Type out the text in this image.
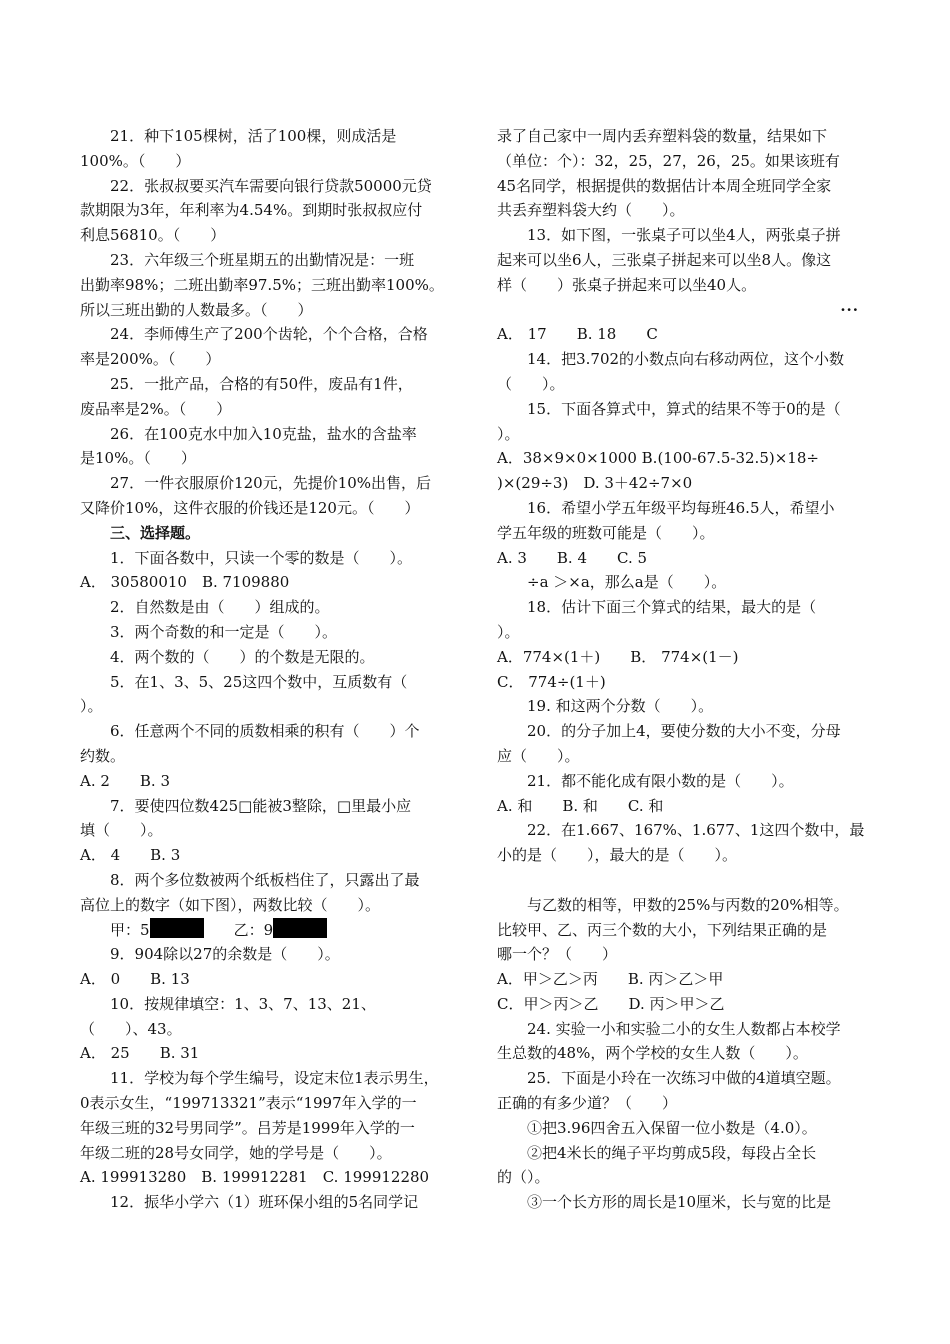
21．种下105棵树，活了100棵，则成活是
100%。（　　）
22．张叔叔要买汽车需要向银行贷款50000元贷
款期限为3年，年利率为4.54%。到期时张叔叔应付
利息56810。（　　）
23．六年级三个班星期五的出勤情况是：一班
出勤率98%；二班出勤率97.5%；三班出勤率100%。
所以三班出勤的人数最多。（　　）
24．李师傅生产了200个齿轮，个个合格，合格
率是200%。（　　）
25．一批产品，合格的有50件，废品有1件，
废品率是2%。（　　）
26．在100克水中加入10克盐，盐水的含盐率
是10%。（　　）
27．一件衣服原价120元，先提价10%出售，后
又降价10%，这件衣服的价钱还是120元。（　　）
三、选择题。
1．下面各数中，只读一个零的数是（　　）。
A． 30580010　B. 7109880
2．自然数是由（　　）组成的。
3．两个奇数的和一定是（　　）。
4．两个数的（　　）的个数是无限的。
5．在1、3、5、25这四个数中，互质数有（
）。
6．任意两个不同的质数相乘的积有（　　）个
约数。
A. 2　　B. 3
7．要使四位数425□能被3整除，□里最小应
填（　　）。
A． 4　　B. 3
8．两个多位数被两个纸板档住了，只露出了最
高位上的数字（如下图），两数比较（　　）。
甲：5　　	乙：9
9．904除以27的余数是（　　）。
A． 0　　B. 13
10．按规律填空：1、3、7、13、21、
（　　）、43。
A． 25　　B. 31
11．学校为每个学生编号，设定末位1表示男生，
0表示女生，“199713321”表示“1997年入学的一
年级三班的32号男同学”。吕芳是1999年入学的一
年级二班的28号女同学，她的学号是（　　）。
A. 199913280　B. 199912281　C. 199912280
12．振华小学六（1）班环保小组的5名同学记
录了自己家中一周内丢弃塑料袋的数量，结果如下
（单位：个）：32，25，27，26，25。如果该班有
45名同学，根据提供的数据估计本周全班同学全家
共丢弃塑料袋大约（　　）。
13．如下图，一张桌子可以坐4人，两张桌子拼
起来可以坐6人，三张桌子拼起来可以坐8人。像这
样（　　）张桌子拼起来可以坐40人。
···
A． 17　　B. 18　　C
14．把3.702的小数点向右移动两位，这个小数
（　　）。
15．下面各算式中，算式的结果不等于0的是（
）。
A．38×9×0×1000 B.(100-67.5-32.5)×18÷
)×(29÷3)　D. 3＋42÷7×0
16．希望小学五年级平均每班46.5人，希望小
学五年级的班数可能是（　　）。
A. 3　　B. 4　　C. 5
÷a ＞×a，那么a是（　　）。
18．估计下面三个算式的结果，最大的是（
）。
A．774×(1＋)　　B． 774×(1－)
C． 774÷(1＋)
19. 和这两个分数（　　）。
20．的分子加上4，要使分数的大小不变，分母
应（　　）。
21．都不能化成有限小数的是（　　）。
A. 和　　B. 和　　C. 和
22．在1.667、167%、1.677、1这四个数中，最
小的是（　　），最大的是（　　）。
与乙数的相等，甲数的25%与丙数的20%相等。
比较甲、乙、丙三个数的大小，下列结果正确的是
哪一个？（　　）
A．甲＞乙＞丙　　B. 丙＞乙＞甲
C．甲＞丙＞乙　　D. 丙＞甲＞乙
24. 实验一小和实验二小的女生人数都占本校学
生总数的48%，两个学校的女生人数（　　）。
25．下面是小玲在一次练习中做的4道填空题。
正确的有多少道？（　　）
①把3.96四舍五入保留一位小数是（4.0）。
②把4米长的绳子平均剪成5段，每段占全长
的（）。
③一个长方形的周长是10厘米，长与宽的比是
